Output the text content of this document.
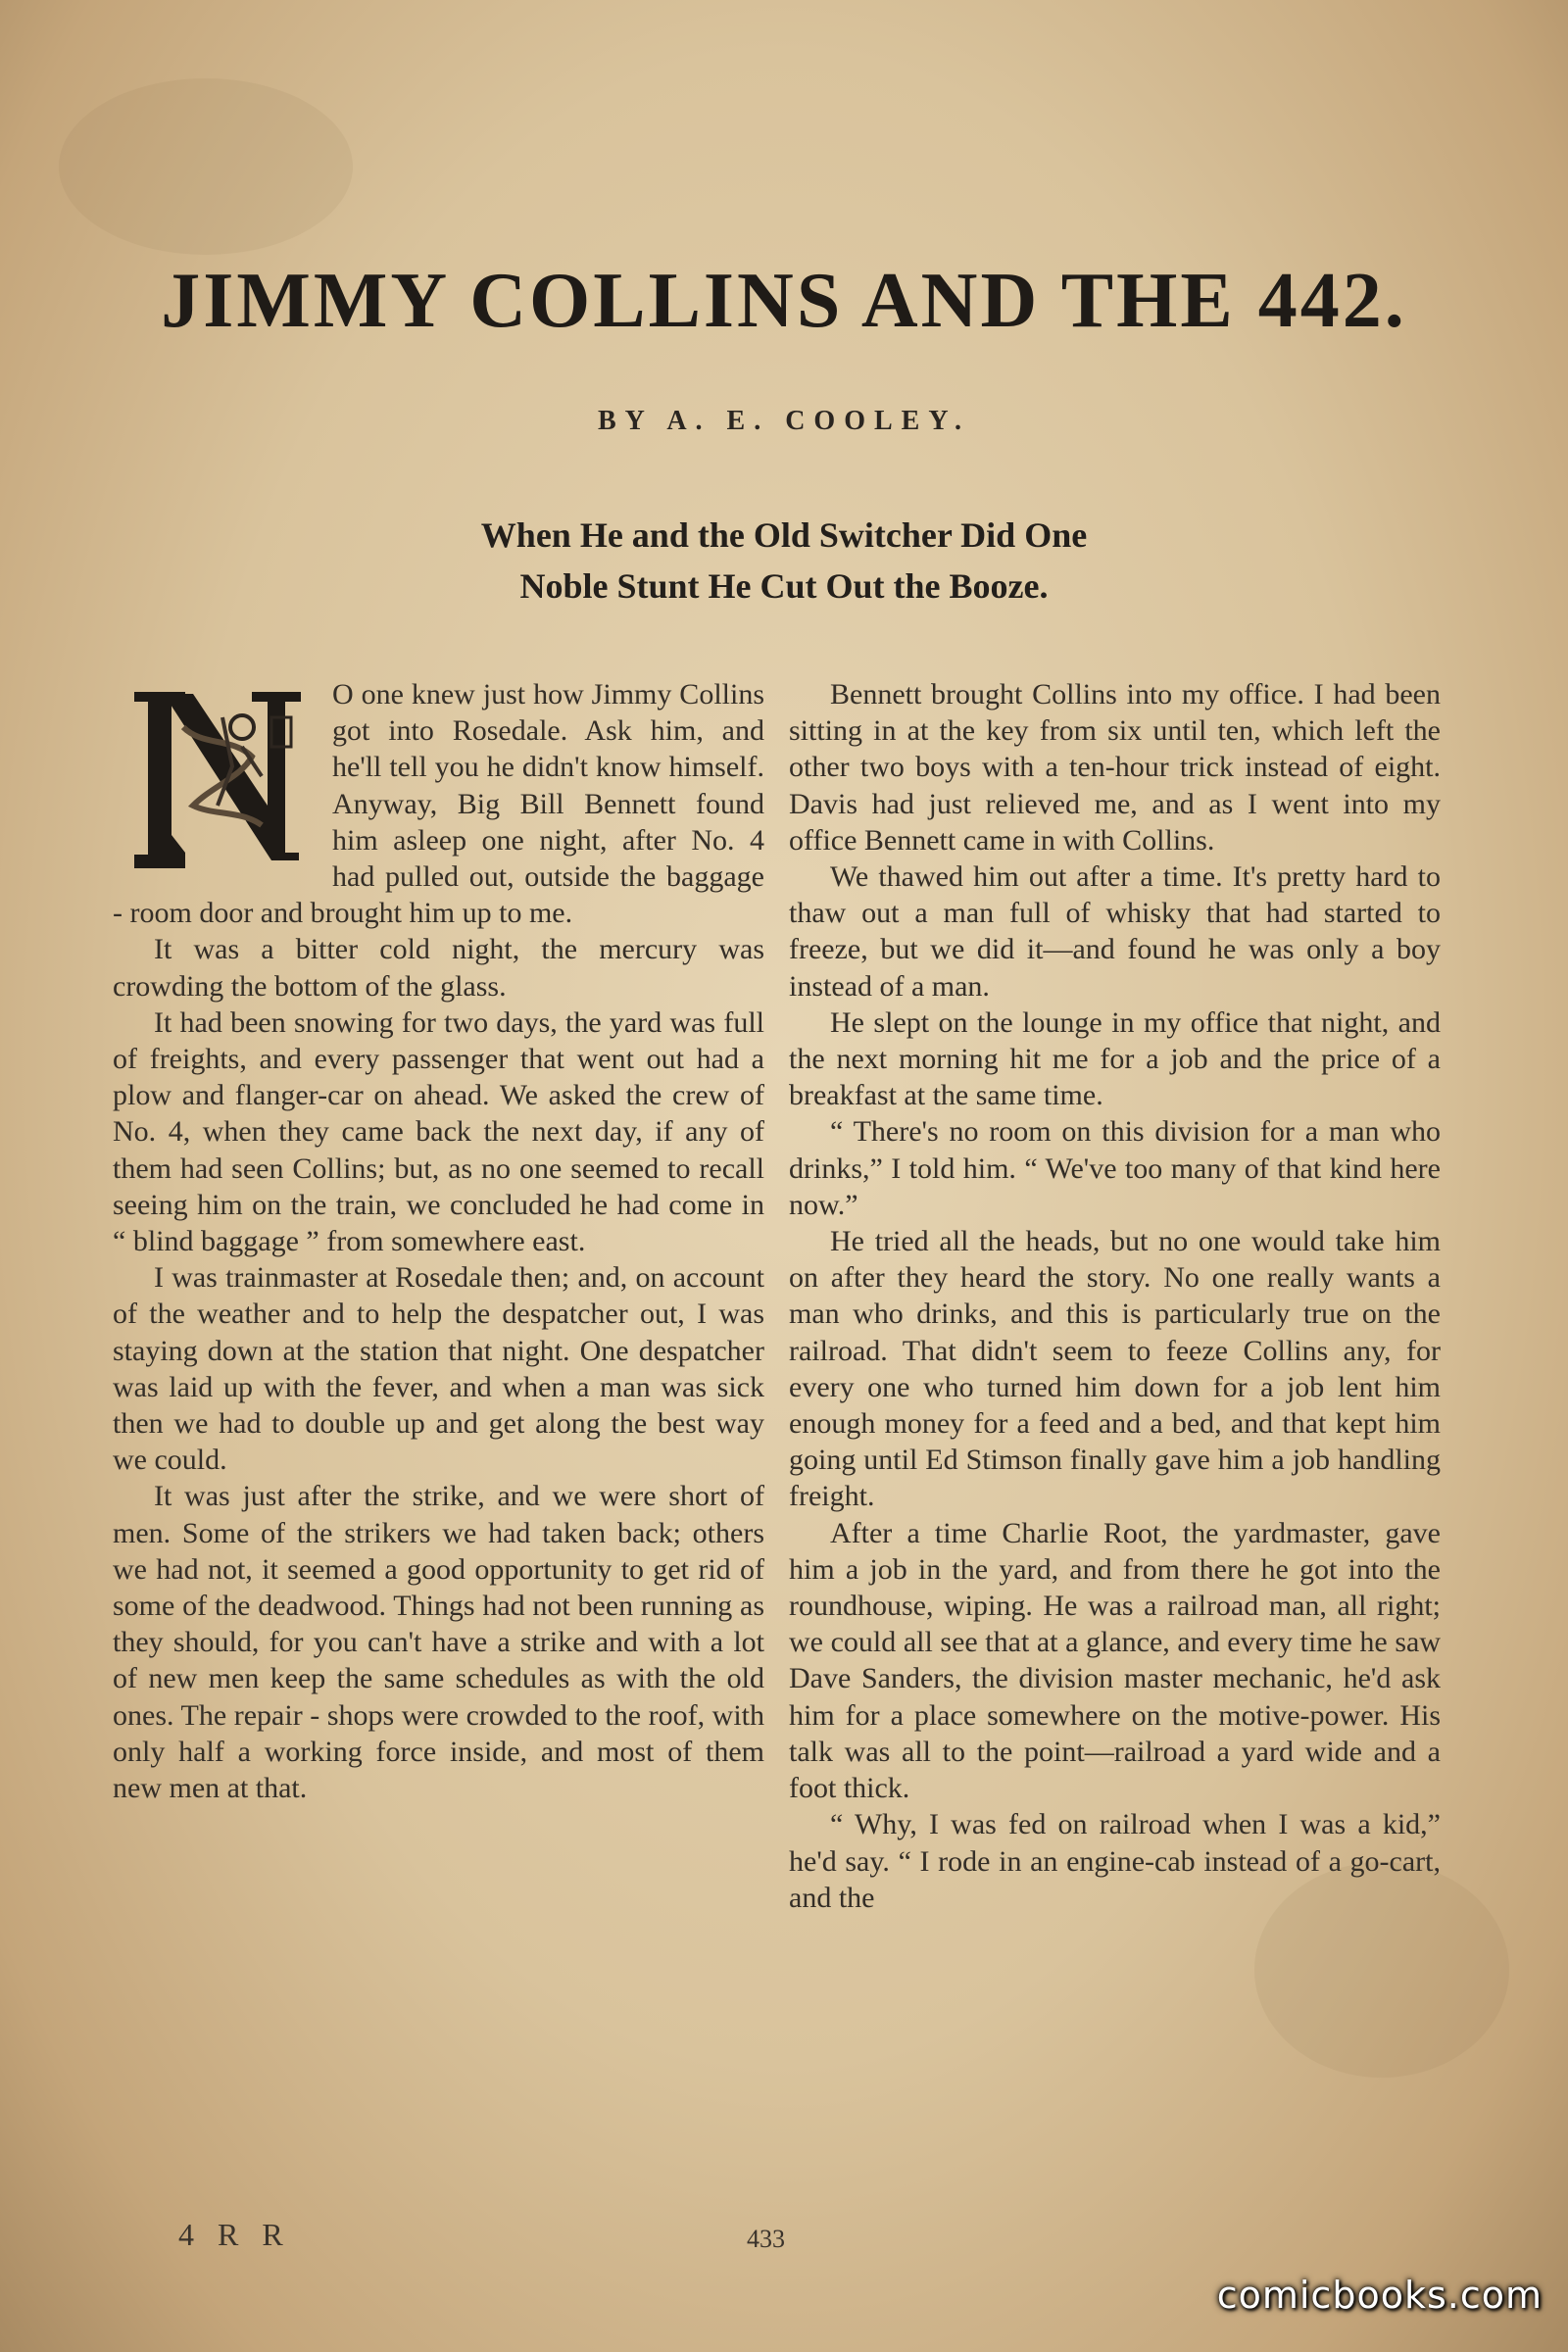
JIMMY COLLINS AND THE 442.
BY A. E. COOLEY.
When He and the Old Switcher Did One
Noble Stunt He Cut Out the Booze.

O one knew just how Jimmy Collins got into Rosedale. Ask him, and he'll tell you he didn't know himself. Anyway, Big Bill Bennett found him asleep one night, after No. 4 had pulled out, outside the baggage - room door and brought him up to me.

It was a bitter cold night, the mercury was crowding the bottom of the glass.

It had been snowing for two days, the yard was full of freights, and every passenger that went out had a plow and flanger-car on ahead. We asked the crew of No. 4, when they came back the next day, if any of them had seen Collins; but, as no one seemed to recall seeing him on the train, we concluded he had come in “ blind baggage ” from somewhere east.

I was trainmaster at Rosedale then; and, on account of the weather and to help the despatcher out, I was staying down at the station that night. One despatcher was laid up with the fever, and when a man was sick then we had to double up and get along the best way we could.

It was just after the strike, and we were short of men. Some of the strikers we had taken back; others we had not, it seemed a good opportunity to get rid of some of the deadwood. Things had not been running as they should, for you can't have a strike and with a lot of new men keep the same schedules as with the old ones. The repair - shops were crowded to the roof, with only half a working force inside, and most of them new men at that.

Bennett brought Collins into my office. I had been sitting in at the key from six until ten, which left the other two boys with a ten-hour trick instead of eight. Davis had just relieved me, and as I went into my office Bennett came in with Collins.

We thawed him out after a time. It's pretty hard to thaw out a man full of whisky that had started to freeze, but we did it—and found he was only a boy instead of a man.

He slept on the lounge in my office that night, and the next morning hit me for a job and the price of a breakfast at the same time.

“ There's no room on this division for a man who drinks,” I told him. “ We've too many of that kind here now.”

He tried all the heads, but no one would take him on after they heard the story. No one really wants a man who drinks, and this is particularly true on the railroad. That didn't seem to feeze Collins any, for every one who turned him down for a job lent him enough money for a feed and a bed, and that kept him going until Ed Stimson finally gave him a job handling freight.

After a time Charlie Root, the yardmaster, gave him a job in the yard, and from there he got into the roundhouse, wiping. He was a railroad man, all right; we could all see that at a glance, and every time he saw Dave Sanders, the division master mechanic, he'd ask him for a place somewhere on the motive-power. His talk was all to the point—railroad a yard wide and a foot thick.

“ Why, I was fed on railroad when I was a kid,” he'd say. “ I rode in an engine-cab instead of a go-cart, and the

4 R R	433
comicbooks.com
